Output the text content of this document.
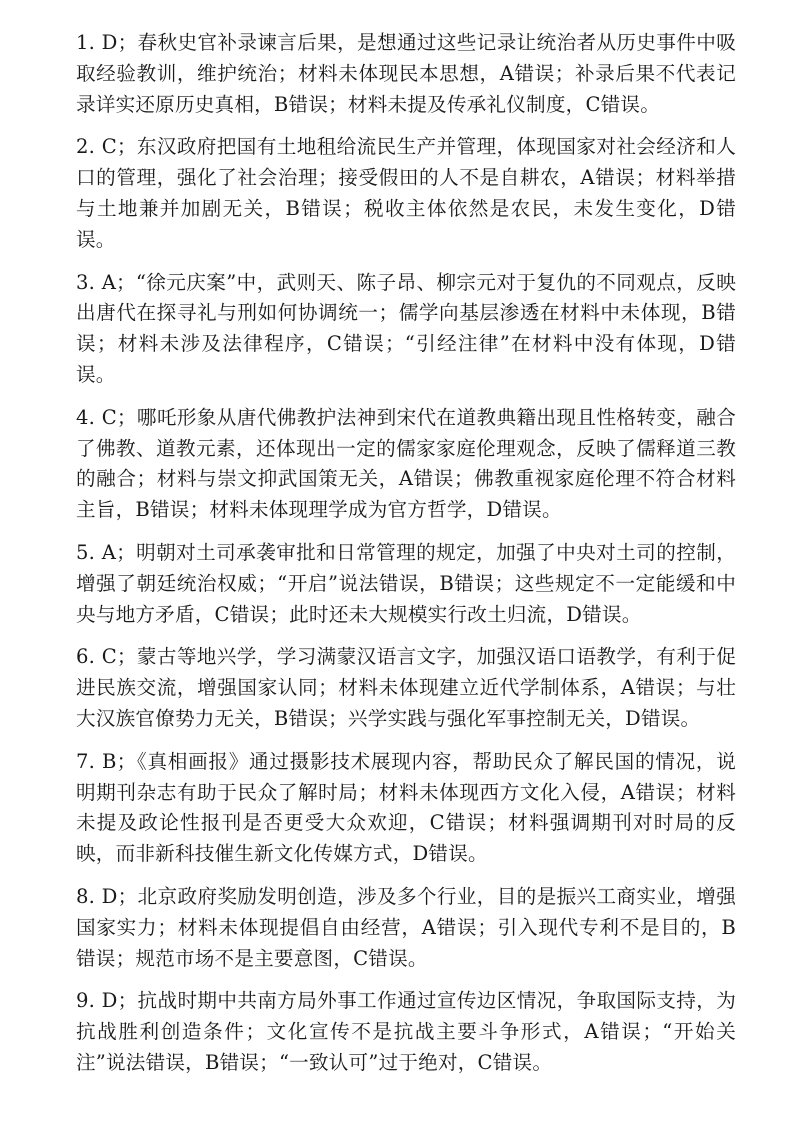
1. D；春秋史官补录谏言后果，是想通过这些记录让统治者从历史事件中吸取经验教训，维护统治；材料未体现民本思想，A错误；补录后果不代表记录详实还原历史真相，B错误；材料未提及传承礼仪制度，C错误。

2. C；东汉政府把国有土地租给流民生产并管理，体现国家对社会经济和人口的管理，强化了社会治理；接受假田的人不是自耕农，A错误；材料举措与土地兼并加剧无关，B错误；税收主体依然是农民，未发生变化，D错误。

3. A；“徐元庆案”中，武则天、陈子昂、柳宗元对于复仇的不同观点，反映出唐代在探寻礼与刑如何协调统一；儒学向基层渗透在材料中未体现，B错误；材料未涉及法律程序，C错误；“引经注律”在材料中没有体现，D错误。

4. C；哪吒形象从唐代佛教护法神到宋代在道教典籍出现且性格转变，融合了佛教、道教元素，还体现出一定的儒家家庭伦理观念，反映了儒释道三教的融合；材料与崇文抑武国策无关，A错误；佛教重视家庭伦理不符合材料主旨，B错误；材料未体现理学成为官方哲学，D错误。

5. A；明朝对土司承袭审批和日常管理的规定，加强了中央对土司的控制，增强了朝廷统治权威；“开启”说法错误，B错误；这些规定不一定能缓和中央与地方矛盾，C错误；此时还未大规模实行改土归流，D错误。

6. C；蒙古等地兴学，学习满蒙汉语言文字，加强汉语口语教学，有利于促进民族交流，增强国家认同；材料未体现建立近代学制体系，A错误；与壮大汉族官僚势力无关，B错误；兴学实践与强化军事控制无关，D错误。

7. B；《真相画报》通过摄影技术展现内容，帮助民众了解民国的情况，说明期刊杂志有助于民众了解时局；材料未体现西方文化入侵，A错误；材料未提及政论性报刊是否更受大众欢迎，C错误；材料强调期刊对时局的反映，而非新科技催生新文化传媒方式，D错误。

8. D；北京政府奖励发明创造，涉及多个行业，目的是振兴工商实业，增强国家实力；材料未体现提倡自由经营，A错误；引入现代专利不是目的，B错误；规范市场不是主要意图，C错误。

9. D；抗战时期中共南方局外事工作通过宣传边区情况，争取国际支持，为抗战胜利创造条件；文化宣传不是抗战主要斗争形式，A错误；“开始关注”说法错误，B错误；“一致认可”过于绝对，C错误。
